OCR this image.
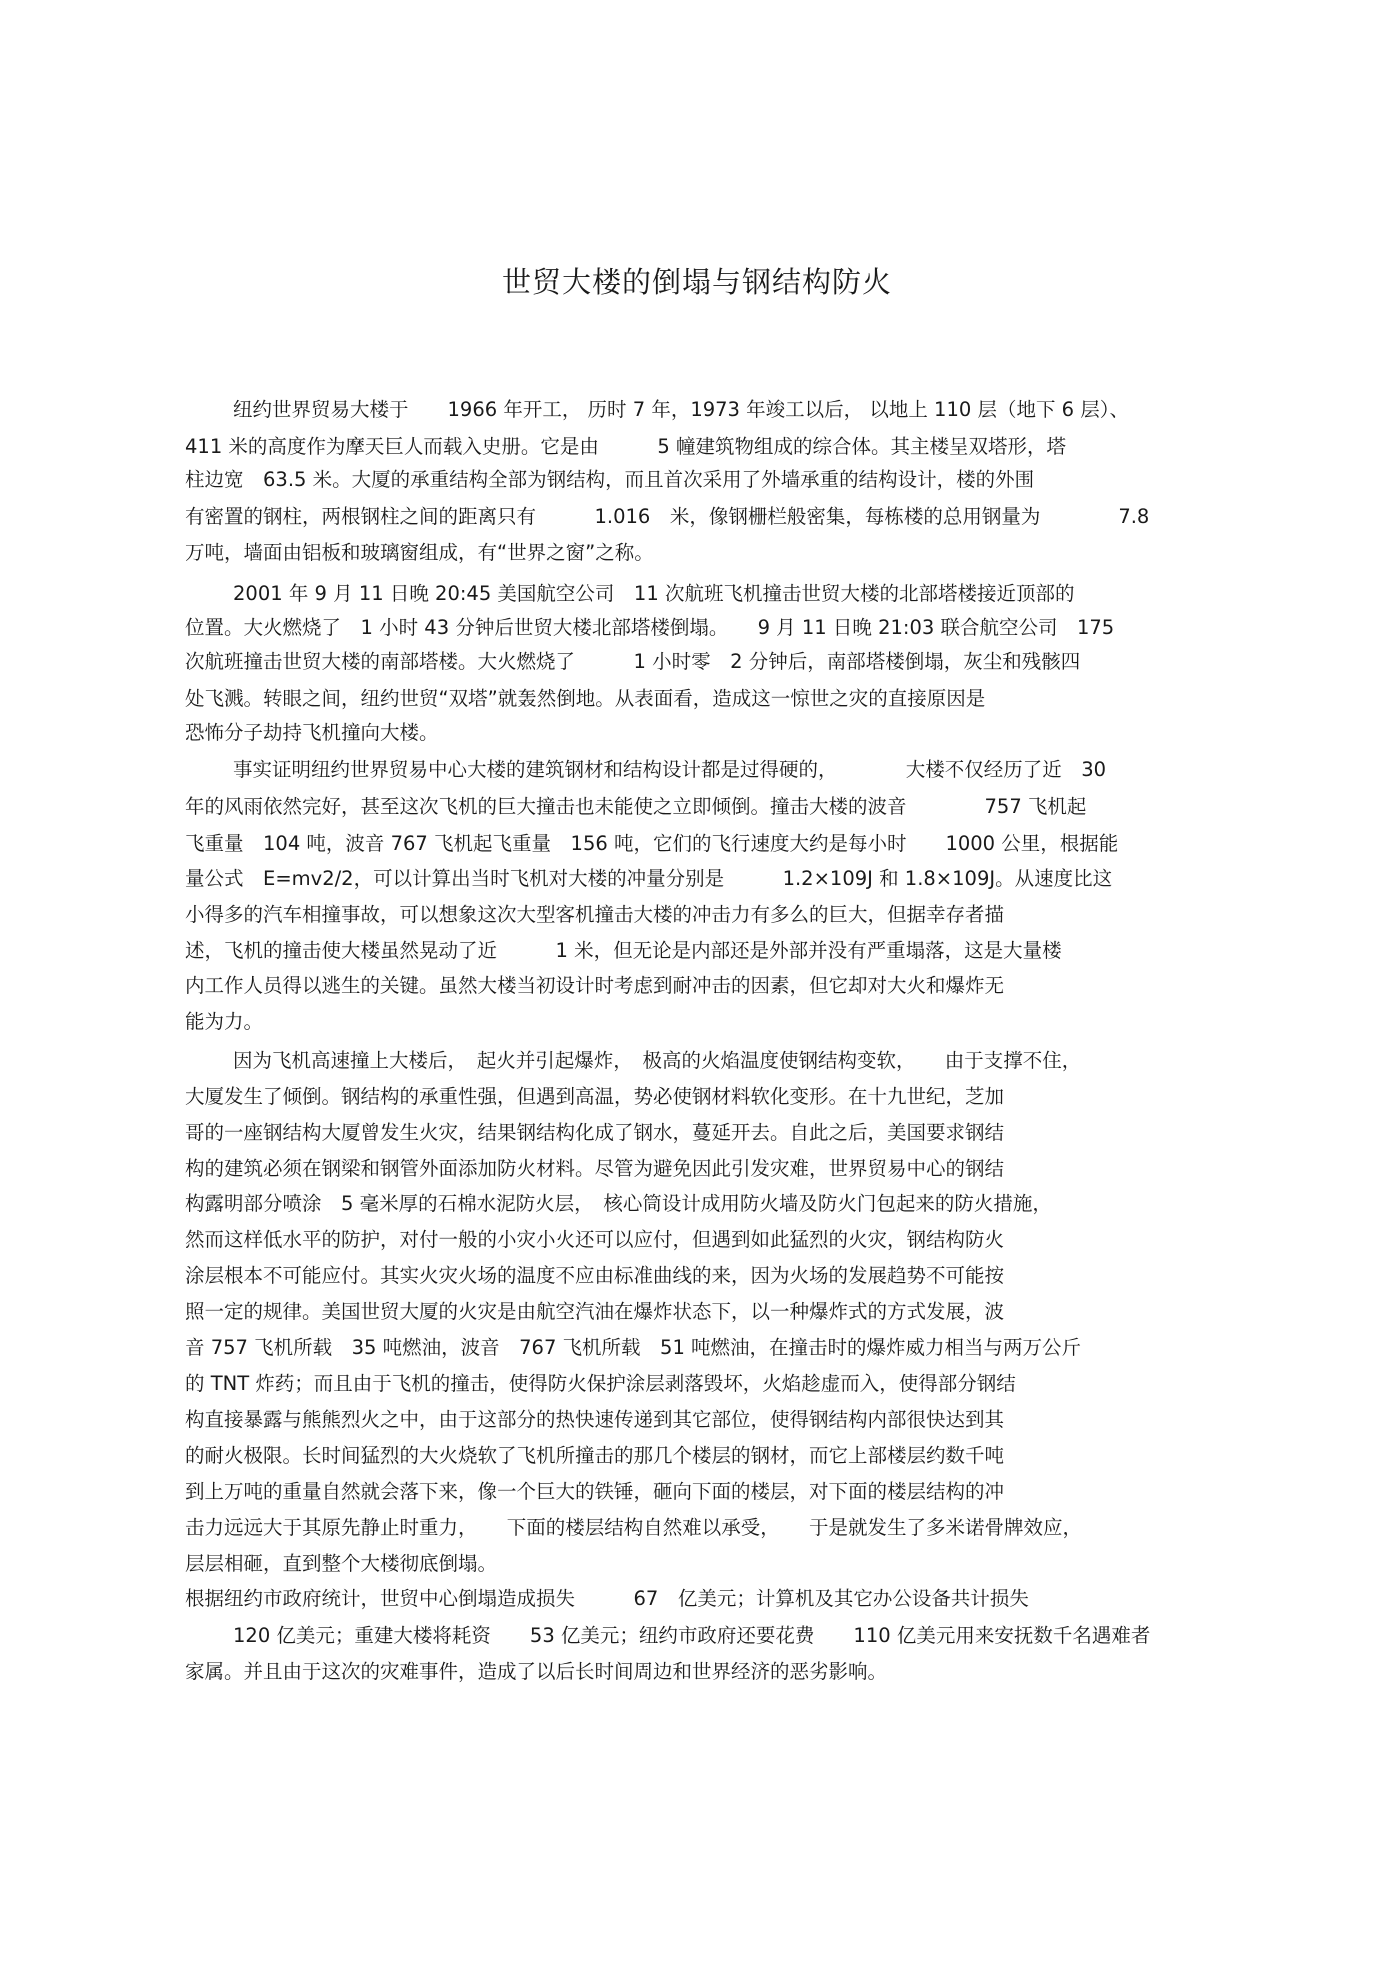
世贸大楼的倒塌与钢结构防火
纽约世界贸易大楼于　　1966 年开工， 历时 7 年，1973 年竣工以后， 以地上 110 层（地下 6 层）、
411 米的高度作为摩天巨人而载入史册。它是由　　　5 幢建筑物组成的综合体。其主楼呈双塔形，塔
柱边宽　63.5 米。大厦的承重结构全部为钢结构，而且首次采用了外墙承重的结构设计，楼的外围
有密置的钢柱，两根钢柱之间的距离只有　　　1.016　米，像钢栅栏般密集，每栋楼的总用钢量为　　　　7.8
万吨，墙面由铝板和玻璃窗组成，有“世界之窗”之称。
2001 年 9 月 11 日晚 20:45 美国航空公司　11 次航班飞机撞击世贸大楼的北部塔楼接近顶部的
位置。大火燃烧了　1 小时 43 分钟后世贸大楼北部塔楼倒塌。　　9 月 11 日晚 21:03 联合航空公司　175
次航班撞击世贸大楼的南部塔楼。大火燃烧了　　　1 小时零　2 分钟后，南部塔楼倒塌，灰尘和残骸四
处飞溅。转眼之间，纽约世贸“双塔”就轰然倒地。从表面看，造成这一惊世之灾的直接原因是
恐怖分子劫持飞机撞向大楼。
事实证明纽约世界贸易中心大楼的建筑钢材和结构设计都是过得硬的，　　　　大楼不仅经历了近　30
年的风雨依然完好，甚至这次飞机的巨大撞击也未能使之立即倾倒。撞击大楼的波音　　　　757 飞机起
飞重量　104 吨，波音 767 飞机起飞重量　156 吨，它们的飞行速度大约是每小时　　1000 公里，根据能
量公式　E=mv2/2，可以计算出当时飞机对大楼的冲量分别是　　　1.2×109J 和 1.8×109J。从速度比这
小得多的汽车相撞事故，可以想象这次大型客机撞击大楼的冲击力有多么的巨大，但据幸存者描
述，飞机的撞击使大楼虽然晃动了近　　　1 米，但无论是内部还是外部并没有严重塌落，这是大量楼
内工作人员得以逃生的关键。虽然大楼当初设计时考虑到耐冲击的因素，但它却对大火和爆炸无
能为力。
因为飞机高速撞上大楼后，　起火并引起爆炸，　极高的火焰温度使钢结构变软，　　由于支撑不住，
大厦发生了倾倒。钢结构的承重性强，但遇到高温，势必使钢材料软化变形。在十九世纪，芝加
哥的一座钢结构大厦曾发生火灾，结果钢结构化成了钢水，蔓延开去。自此之后，美国要求钢结
构的建筑必须在钢梁和钢管外面添加防火材料。尽管为避免因此引发灾难，世界贸易中心的钢结
构露明部分喷涂　5 毫米厚的石棉水泥防火层，　核心筒设计成用防火墙及防火门包起来的防火措施，
然而这样低水平的防护，对付一般的小灾小火还可以应付，但遇到如此猛烈的火灾，钢结构防火
涂层根本不可能应付。其实火灾火场的温度不应由标准曲线的来，因为火场的发展趋势不可能按
照一定的规律。美国世贸大厦的火灾是由航空汽油在爆炸状态下，以一种爆炸式的方式发展，波
音 757 飞机所载　35 吨燃油，波音　767 飞机所载　51 吨燃油，在撞击时的爆炸威力相当与两万公斤
的 TNT 炸药；而且由于飞机的撞击，使得防火保护涂层剥落毁坏，火焰趁虚而入，使得部分钢结
构直接暴露与熊熊烈火之中，由于这部分的热快速传递到其它部位，使得钢结构内部很快达到其
的耐火极限。长时间猛烈的大火烧软了飞机所撞击的那几个楼层的钢材，而它上部楼层约数千吨
到上万吨的重量自然就会落下来，像一个巨大的铁锤，砸向下面的楼层，对下面的楼层结构的冲
击力远远大于其原先静止时重力，　　下面的楼层结构自然难以承受，　　于是就发生了多米诺骨牌效应，
层层相砸，直到整个大楼彻底倒塌。
根据纽约市政府统计，世贸中心倒塌造成损失　　　67　亿美元；计算机及其它办公设备共计损失
120 亿美元；重建大楼将耗资　　53 亿美元；纽约市政府还要花费　　110 亿美元用来安抚数千名遇难者
家属。并且由于这次的灾难事件，造成了以后长时间周边和世界经济的恶劣影响。
